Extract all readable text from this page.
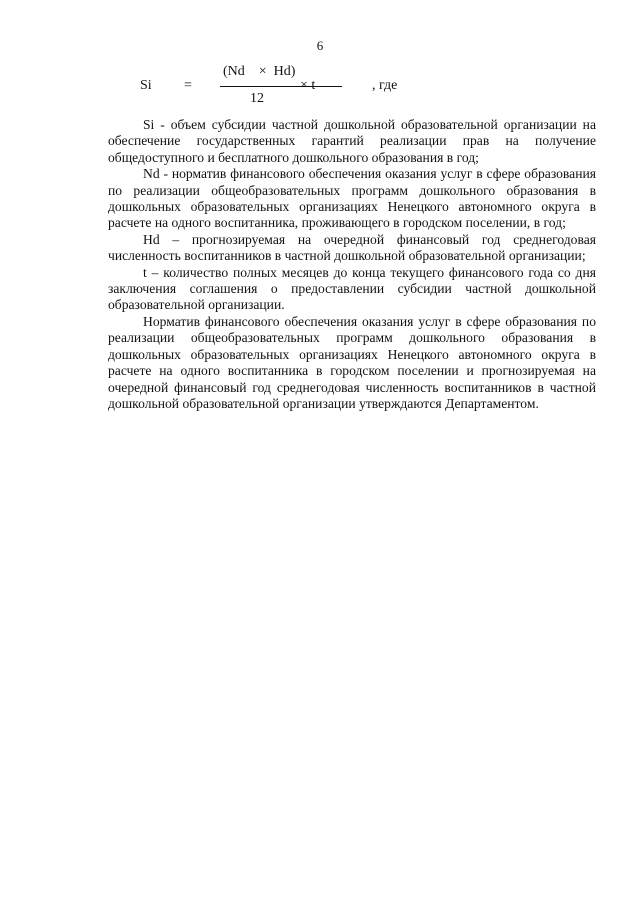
6
Si =
(Nd    ×  Hd)
12
× t	, где

Si - объем субсидии частной дошкольной образовательной организации на обеспечение государственных гарантий реализации прав на получение общедоступного и бесплатного дошкольного образования в год;

Nd - норматив финансового обеспечения оказания услуг в сфере образования по реализации общеобразовательных программ дошкольного образования в дошкольных образовательных организациях Ненецкого автономного округа в расчете на одного воспитанника, проживающего в городском поселении, в год;

Hd – прогнозируемая на очередной финансовый год среднегодовая численность воспитанников в частной дошкольной образовательной организации;

t – количество полных месяцев до конца текущего финансового года со дня заключения соглашения о предоставлении субсидии частной дошкольной образовательной организации.

Норматив финансового обеспечения оказания услуг в сфере образования по реализации общеобразовательных программ дошкольного образования в дошкольных образовательных организациях Ненецкого автономного округа в расчете на одного воспитанника в городском поселении и прогнозируемая на очередной финансовый год среднегодовая численность воспитанников в частной дошкольной образовательной организации утверждаются Департаментом.
